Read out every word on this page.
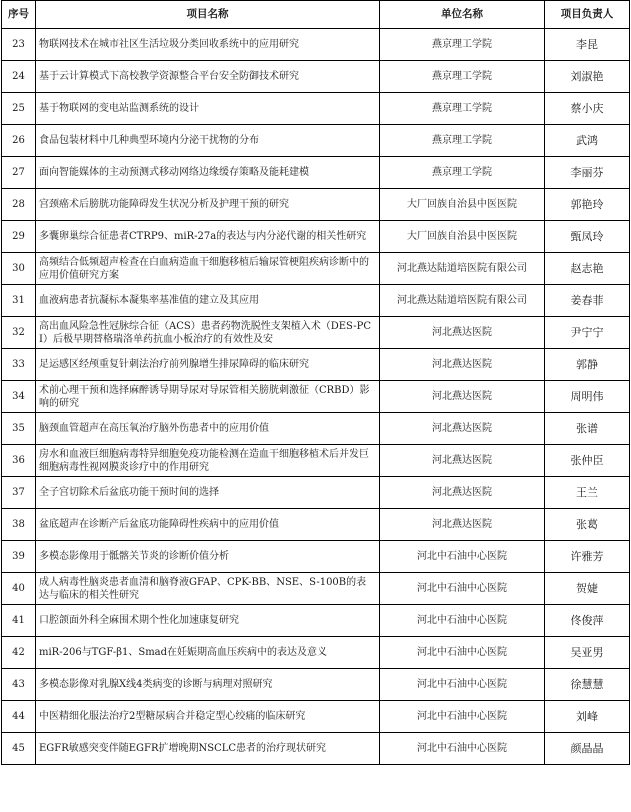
序号	项目名称	单位名称	项目负责人
23	物联网技术在城市社区生活垃圾分类回收系统中的应用研究	燕京理工学院	李昆
24	基于云计算模式下高校教学资源整合平台安全防御技术研究	燕京理工学院	刘淑艳
25	基于物联网的变电站监测系统的设计	燕京理工学院	蔡小庆
26	食品包装材料中几种典型环境内分泌干扰物的分布	燕京理工学院	武鸿
27	面向智能媒体的主动预测式移动网络边缘缓存策略及能耗建模	燕京理工学院	李丽芬
28	宫颈癌术后膀胱功能障碍发生状况分析及护理干预的研究	大厂回族自治县中医医院	郭艳玲
29	多囊卵巢综合征患者CTRP9、miR-27a的表达与内分泌代谢的相关性研究	大厂回族自治县中医医院	甄凤玲
30	高频结合低频超声检查在白血病造血干细胞移植后输尿管梗阻疾病诊断中的应用价值研究方案	河北燕达陆道培医院有限公司	赵志艳
31	血液病患者抗凝标本凝集率基准值的建立及其应用	河北燕达陆道培医院有限公司	姜春菲
32	高出血风险急性冠脉综合征（ACS）患者药物洗脱性支架植入术（DES-PCI）后极早期替格瑞洛单药抗血小板治疗的有效性及安	河北燕达医院	尹宁宁
33	足运感区经颅重复针刺法治疗前列腺增生排尿障碍的临床研究	河北燕达医院	郭静
34	术前心理干预和选择麻醉诱导期导尿对导尿管相关膀胱刺激征（CRBD）影响的研究	河北燕达医院	周明伟
35	脑颈血管超声在高压氧治疗脑外伤患者中的应用价值	河北燕达医院	张谱
36	房水和血液巨细胞病毒特异细胞免疫功能检测在造血干细胞移植术后并发巨细胞病毒性视网膜炎诊疗中的作用研究	河北燕达医院	张仲臣
37	全子宫切除术后盆底功能干预时间的选择	河北燕达医院	王兰
38	盆底超声在诊断产后盆底功能障碍性疾病中的应用价值	河北燕达医院	张葛
39	多模态影像用于骶髂关节炎的诊断价值分析	河北中石油中心医院	许雅芳
40	成人病毒性脑炎患者血清和脑脊液GFAP、CPK-BB、NSE、S-100B的表达与临床的相关性研究	河北中石油中心医院	贺婕
41	口腔颌面外科全麻围术期个性化加速康复研究	河北中石油中心医院	佟俊萍
42	miR-206与TGF-β1、Smad在妊娠期高血压疾病中的表达及意义	河北中石油中心医院	吴亚男
43	多模态影像对乳腺X线4类病变的诊断与病理对照研究	河北中石油中心医院	徐慧慧
44	中医精细化服法治疗2型糖尿病合并稳定型心绞痛的临床研究	河北中石油中心医院	刘峰
45	EGFR敏感突变伴随EGFR扩增晚期NSCLC患者的治疗现状研究	河北中石油中心医院	颜晶晶
